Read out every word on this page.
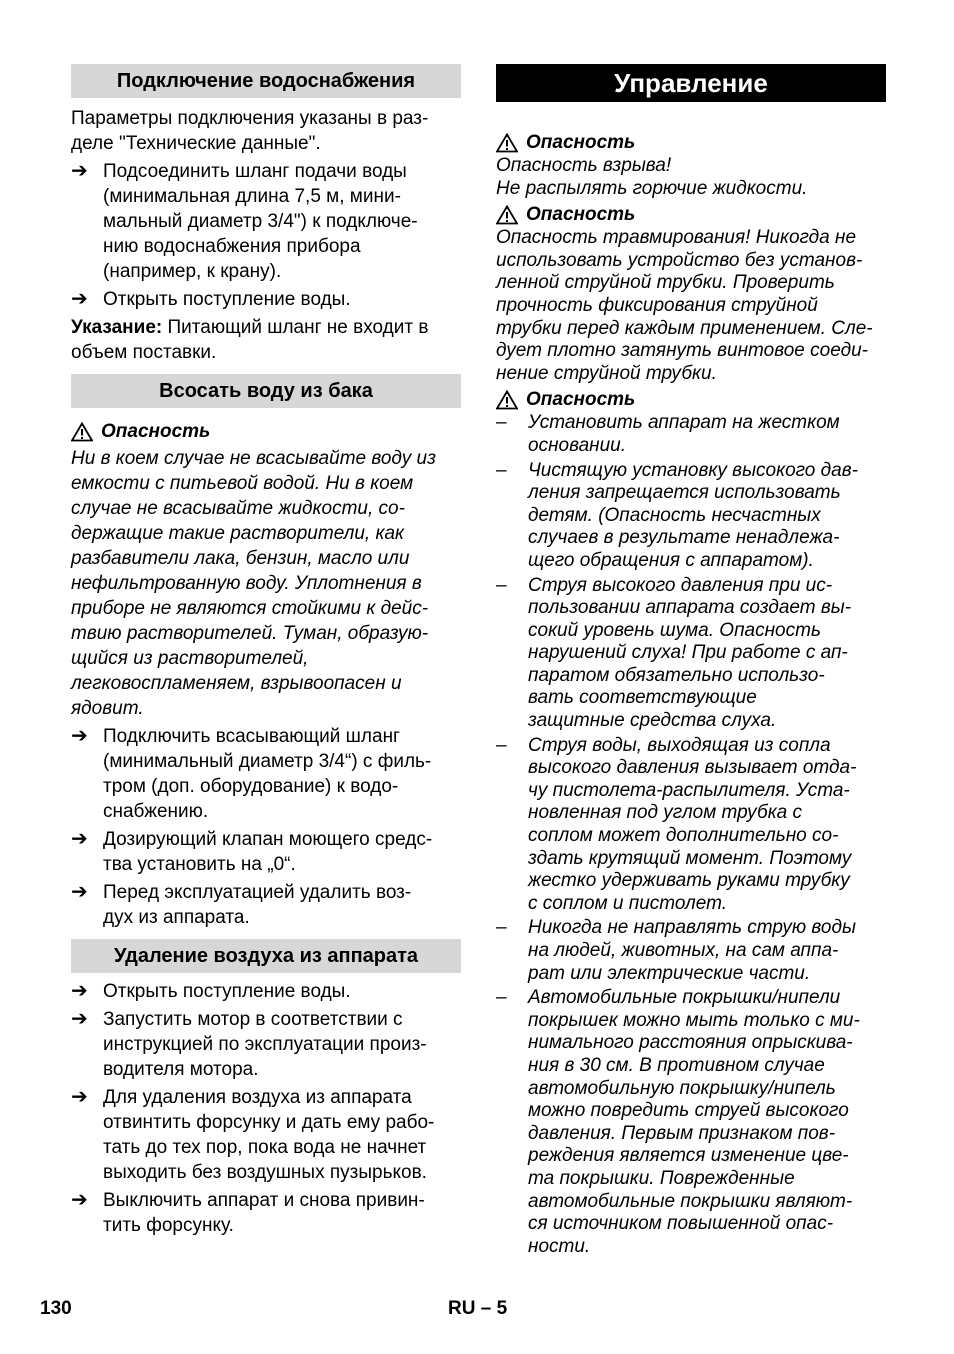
Подключение водоснабжения

Параметры подключения указаны в раз-
деле "Технические данные".

➔ Подсоединить шланг подачи воды
(минимальная длина 7,5 м, мини-
мальный диаметр 3/4") к подключе-
нию водоснабжения прибора
(например, к крану).
➔ Открыть поступление воды.

Указание: Питающий шланг не входит в
объем поставки.

Всосать воду из бака
Опасность

Ни в коем случае не всасывайте воду из
емкости с питьевой водой. Ни в коем
случае не всасывайте жидкости, со-
держащие такие растворители, как
разбавители лака, бензин, масло или
нефильтрованную воду. Уплотнения в
приборе не являются стойкими к дейс-
твию растворителей. Туман, образую-
щийся из растворителей,
легковоспламеняем, взрывоопасен и
ядовит.

➔ Подключить всасывающий шланг
(минимальный диаметр 3/4“) с филь-
тром (доп. оборудование) к водо-
снабжению.
➔ Дозирующий клапан моющего средс-
тва установить на „0“.
➔ Перед эксплуатацией удалить воз-
дух из аппарата.
Удаление воздуха из аппарата
➔ Открыть поступление воды.
➔ Запустить мотор в соответствии с
инструкцией по эксплуатации произ-
водителя мотора.
➔ Для удаления воздуха из аппарата
отвинтить форсунку и дать ему рабо-
тать до тех пор, пока вода не начнет
выходить без воздушных пузырьков.
➔ Выключить аппарат и снова привин-
тить форсунку.
Управление
Опасность

Опасность взрыва!
Не распылять горючие жидкости.

Опасность

Опасность травмирования! Никогда не
использовать устройство без установ-
ленной струйной трубки. Проверить
прочность фиксирования струйной
трубки перед каждым применением. Сле-
дует плотно затянуть винтовое соеди-
нение струйной трубки.

Опасность
–	Установить аппарат на жестком
основании.
–	Чистящую установку высокого дав-
ления запрещается использовать
детям. (Опасность несчастных
случаев в результате ненадлежа-
щего обращения с аппаратом).
–	Струя высокого давления при ис-
пользовании аппарата создает вы-
сокий уровень шума. Опасность
нарушений слуха! При работе с ап-
паратом обязательно использо-
вать соответствующие
защитные средства слуха.
–	Струя воды, выходящая из сопла
высокого давления вызывает отда-
чу пистолета-распылителя. Уста-
новленная под углом трубка с
соплом может дополнительно со-
здать крутящий момент. Поэтому
жестко удерживать руками трубку
с соплом и пистолет.
–	Никогда не направлять струю воды
на людей, животных, на сам аппа-
рат или электрические части.
–	Автомобильные покрышки/нипели
покрышек можно мыть только с ми-
нимального расстояния опрыскива-
ния в 30 см. В противном случае
автомобильную покрышку/нипель
можно повредить струей высокого
давления. Первым признаком пов-
реждения является изменение цве-
та покрышки. Поврежденные
автомобильные покрышки являют-
ся источником повышенной опас-
ности.
130	RU – 5
